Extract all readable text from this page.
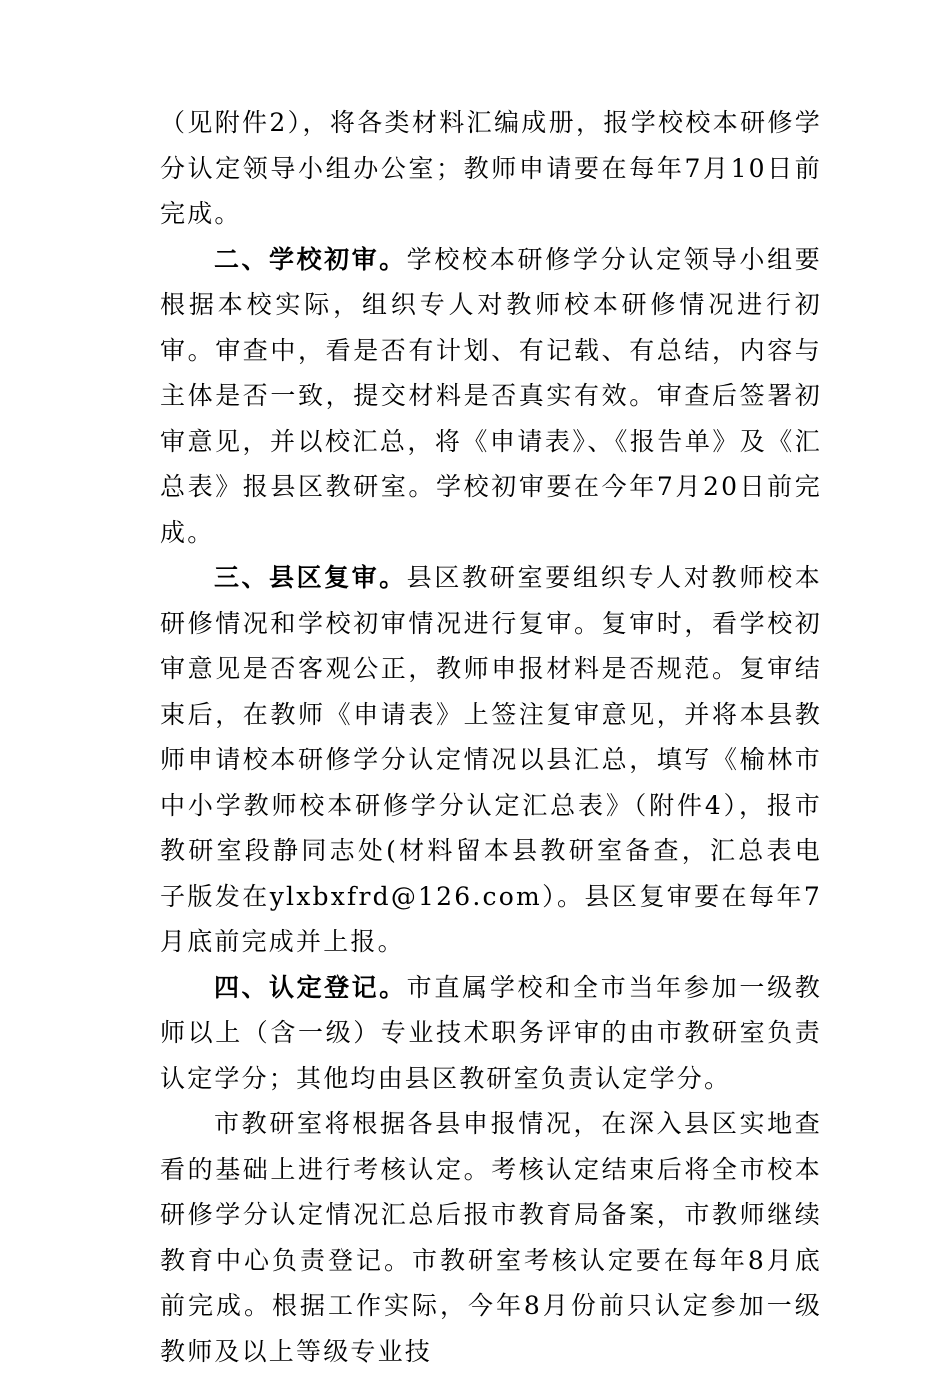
（见附件2），将各类材料汇编成册，报学校校本研修学分认定领导小组办公室；教师申请要在每年7月10日前完成。

二、学校初审。学校校本研修学分认定领导小组要根据本校实际，组织专人对教师校本研修情况进行初审。审查中，看是否有计划、有记载、有总结，内容与主体是否一致，提交材料是否真实有效。审查后签署初审意见，并以校汇总，将《申请表》、《报告单》及《汇总表》报县区教研室。学校初审要在今年7月20日前完成。

三、县区复审。县区教研室要组织专人对教师校本研修情况和学校初审情况进行复审。复审时，看学校初审意见是否客观公正，教师申报材料是否规范。复审结束后，在教师《申请表》上签注复审意见，并将本县教师申请校本研修学分认定情况以县汇总，填写《榆林市中小学教师校本研修学分认定汇总表》（附件4），报市教研室段静同志处(材料留本县教研室备查，汇总表电子版发在ylxbxfrd@126.com）。县区复审要在每年7月底前完成并上报。

四、认定登记。市直属学校和全市当年参加一级教师以上（含一级）专业技术职务评审的由市教研室负责认定学分；其他均由县区教研室负责认定学分。

市教研室将根据各县申报情况，在深入县区实地查看的基础上进行考核认定。考核认定结束后将全市校本研修学分认定情况汇总后报市教育局备案，市教师继续教育中心负责登记。市教研室考核认定要在每年8月底前完成。根据工作实际，今年8月份前只认定参加一级教师及以上等级专业技
